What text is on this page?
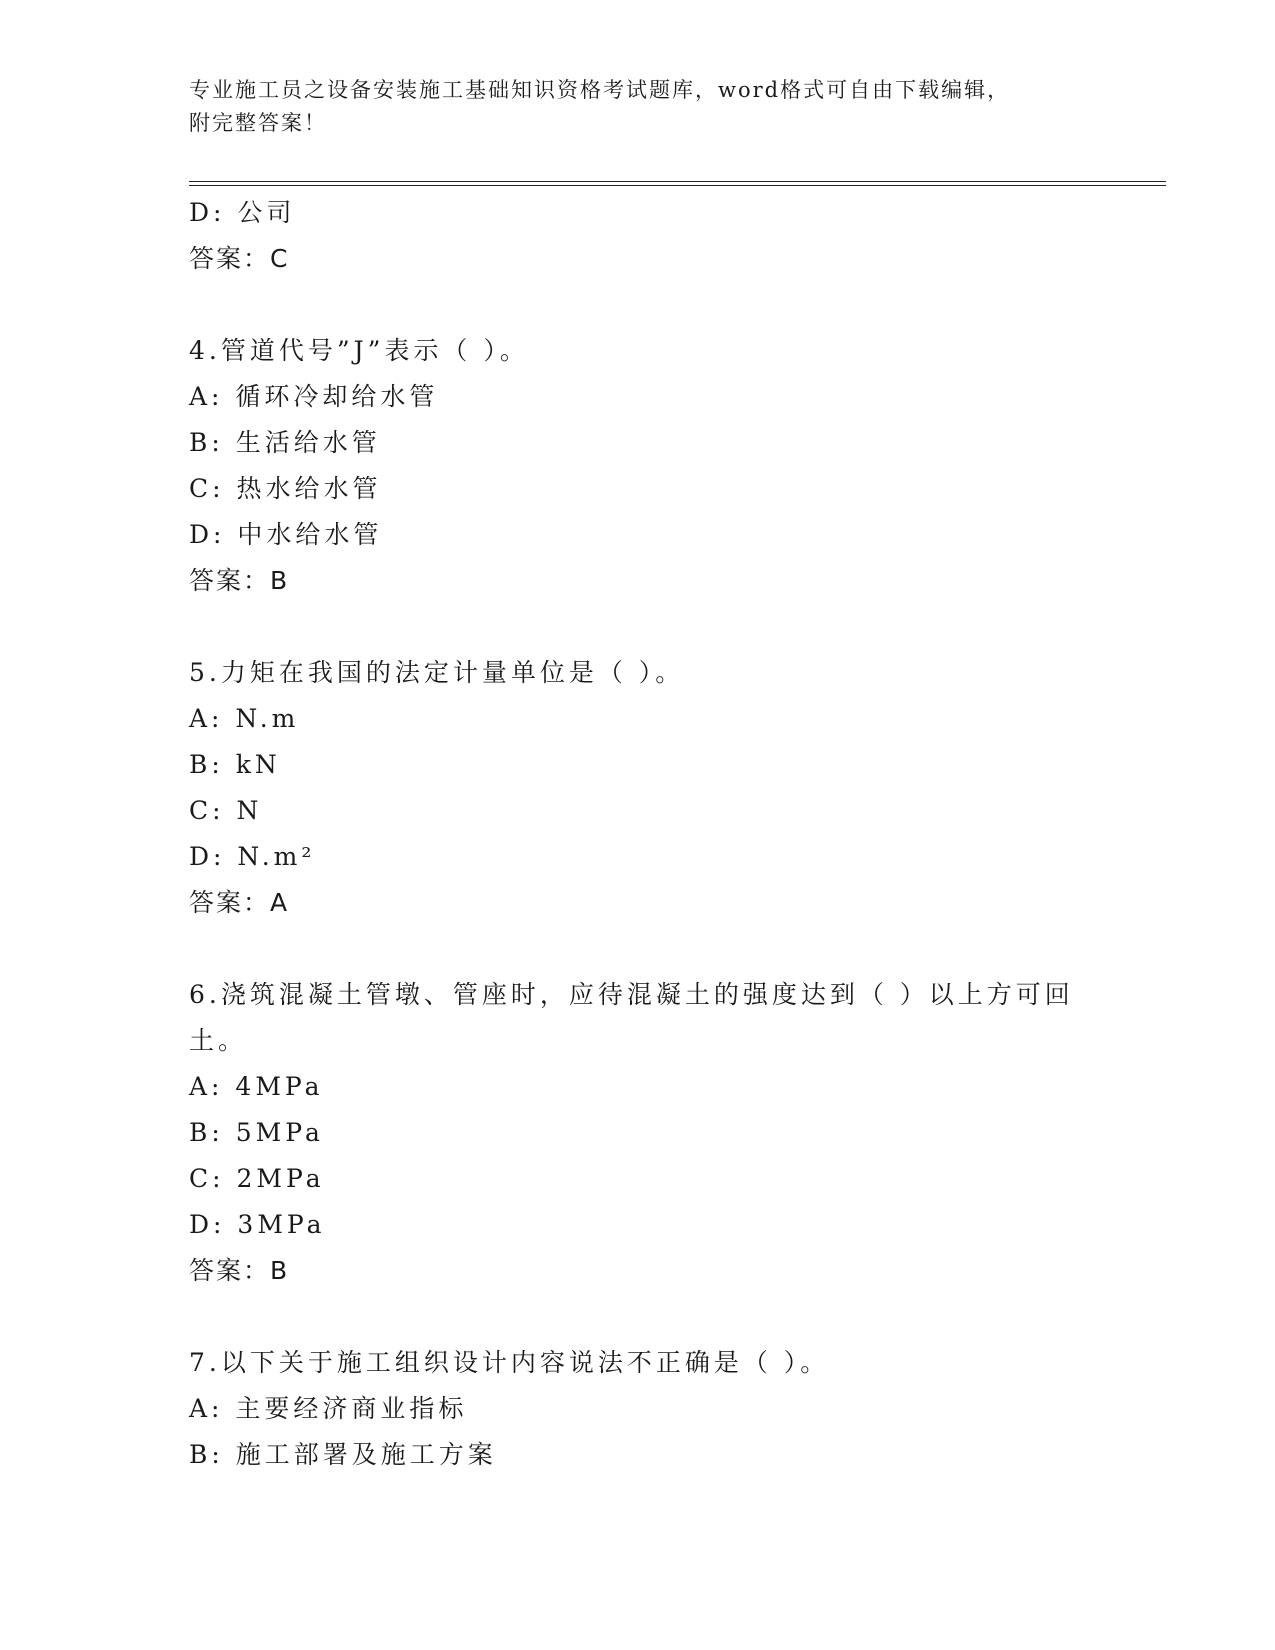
专业施工员之设备安装施工基础知识资格考试题库，word格式可自由下载编辑，
附完整答案！
D: 公司
答案：C
4.管道代号”J”表示（ ）。
A: 循环冷却给水管
B: 生活给水管
C: 热水给水管
D: 中水给水管
答案：B
5.力矩在我国的法定计量单位是（ ）。
A: N.m
B: kN
C: N
D: N.m²
答案：A
6.浇筑混凝土管墩、管座时，应待混凝土的强度达到（ ）以上方可回
土。
A: 4MPa
B: 5MPa
C: 2MPa
D: 3MPa
答案：B
7.以下关于施工组织设计内容说法不正确是（ ）。
A: 主要经济商业指标
B: 施工部署及施工方案
